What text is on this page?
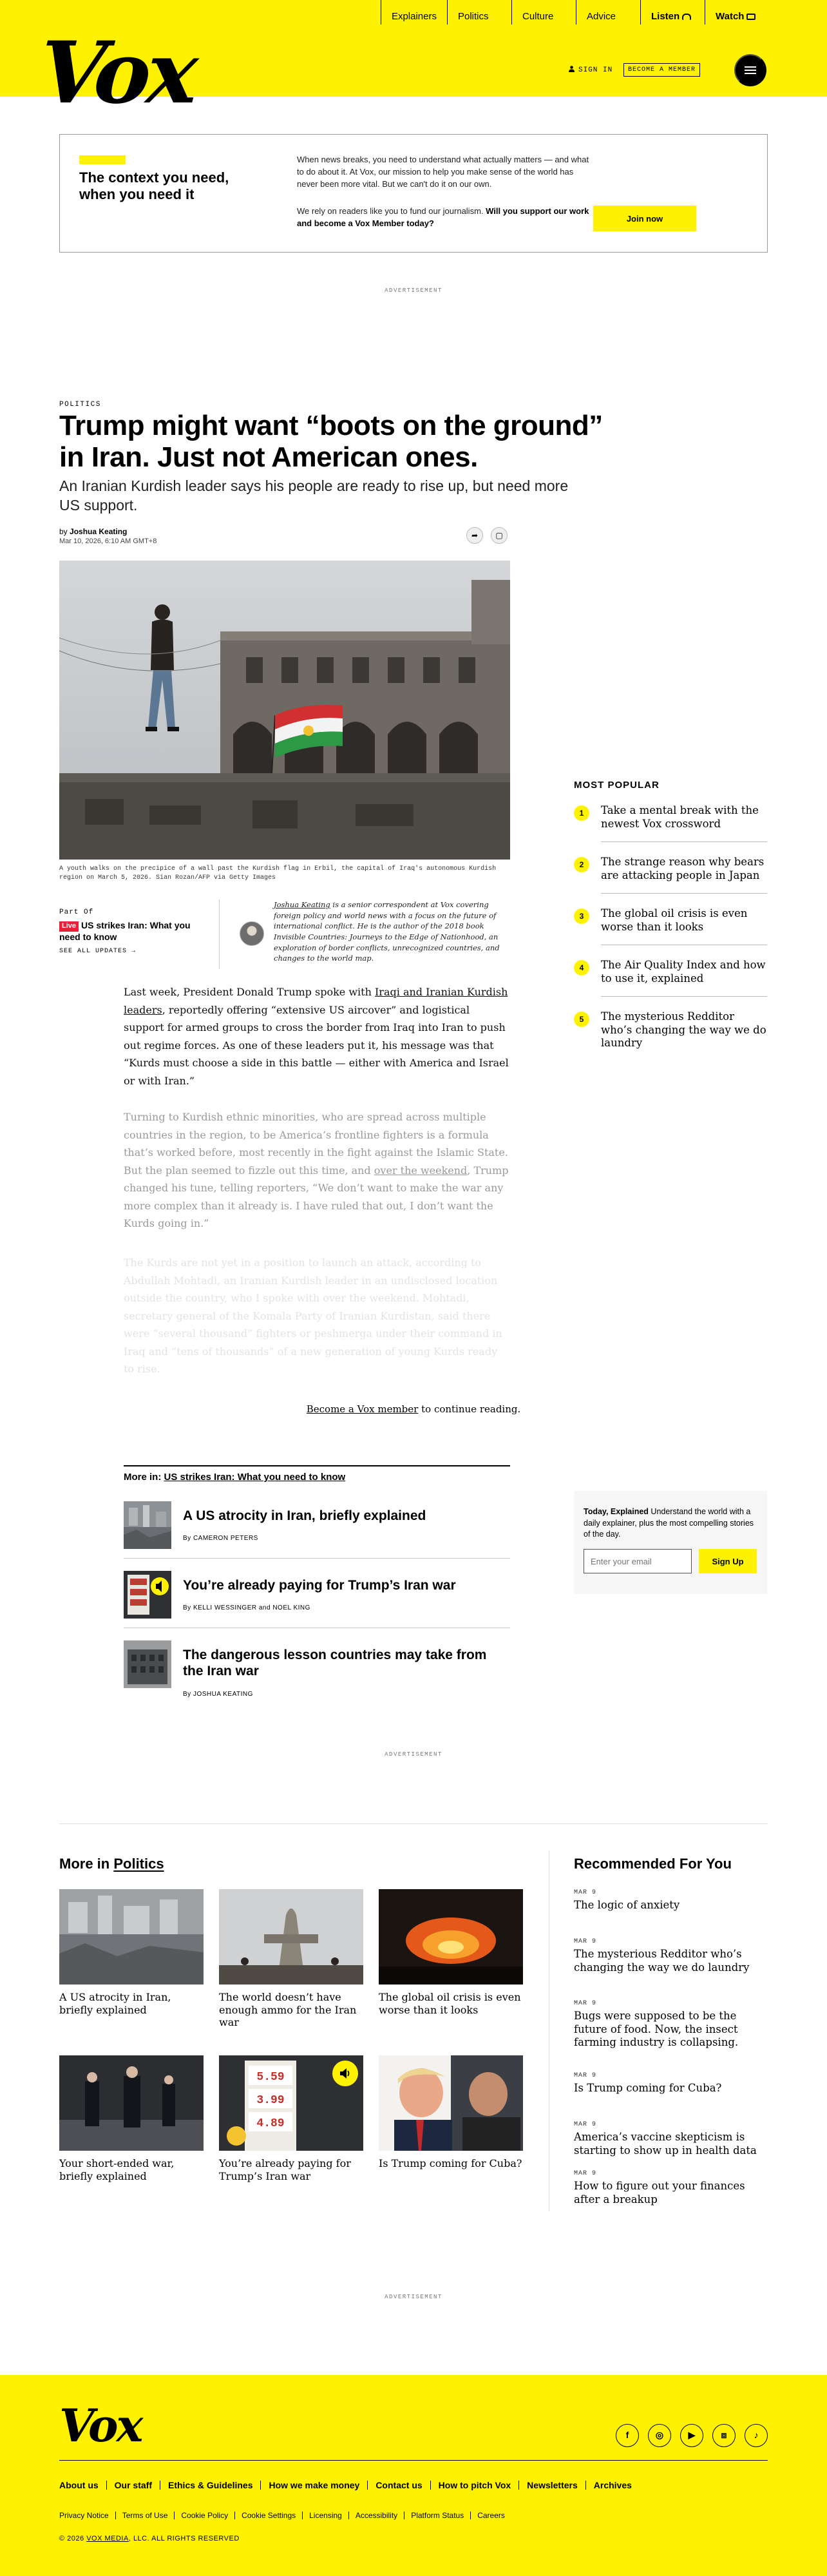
Explainers	Politics	Culture	Advice	Listen	Watch
Vox	SIGN IN	BECOME A MEMBER
The context you need, when you need it

When news breaks, you need to understand what actually matters — and what to do about it. At Vox, our mission to help you make sense of the world has never been more vital. But we can't do it on our own.

We rely on readers like you to fund our journalism. Will you support our work and become a Vox Member today?	Join now
ADVERTISEMENT
POLITICS
Trump might want “boots on the ground” in Iran. Just not American ones.

An Iranian Kurdish leader says his people are ready to rise up, but need more US support.

by Joshua Keating
Mar 10, 2026, 6:10 AM GMT+8
➦	▢

A youth walks on the precipice of a wall past the Kurdish flag in Erbil, the capital of Iraq's autonomous Kurdish region on March 5, 2026. Sian Rozan/AFP via Getty Images

Part Of
Live US strikes Iran: What you need to know
SEE ALL UPDATES →

Joshua Keating is a senior correspondent at Vox covering foreign policy and world news with a focus on the future of international conflict. He is the author of the 2018 book Invisible Countries: Journeys to the Edge of Nationhood, an exploration of border conflicts, unrecognized countries, and changes to the world map.

Last week, President Donald Trump spoke with Iraqi and Iranian Kurdish leaders, reportedly offering “extensive US aircover” and logistical support for armed groups to cross the border from Iraq into Iran to push out regime forces. As one of these leaders put it, his message was that “Kurds must choose a side in this battle — either with America and Israel or with Iran.”

Turning to Kurdish ethnic minorities, who are spread across multiple countries in the region, to be America’s frontline fighters is a formula that’s worked before, most recently in the fight against the Islamic State. But the plan seemed to fizzle out this time, and over the weekend, Trump changed his tune, telling reporters, “We don’t want to make the war any more complex than it already is. I have ruled that out, I don’t want the Kurds going in.”

The Kurds are not yet in a position to launch an attack, according to Abdullah Mohtadi, an Iranian Kurdish leader in an undisclosed location outside the country, who I spoke with over the weekend. Mohtadi, secretary general of the Komala Party of Iranian Kurdistan, said there were “several thousand” fighters or peshmerga under their command in Iraq and “tens of thousands” of a new generation of young Kurds ready to rise.

Become a Vox member to continue reading.

More in: US strikes Iran: What you need to know
A US atrocity in Iran, briefly explained
By CAMERON PETERS
You’re already paying for Trump’s Iran war
By KELLI WESSINGER and NOEL KING
The dangerous lesson countries may take from the Iran war
By JOSHUA KEATING
MOST POPULAR
1	Take a mental break with the newest Vox crossword
2	The strange reason why bears are attacking people in Japan
3	The global oil crisis is even worse than it looks
4	The Air Quality Index and how to use it, explained
5	The mysterious Redditor who’s changing the way we do laundry

Today, Explained Understand the world with a daily explainer, plus the most compelling stories of the day.

Enter your email
Sign Up
ADVERTISEMENT
More in Politics
A US atrocity in Iran, briefly explained
The world doesn’t have enough ammo for the Iran war
The global oil crisis is even worse than it looks
Your short-ended war, briefly explained
5.59
3.99
4.89
You’re already paying for Trump’s Iran war
Is Trump coming for Cuba?
Recommended For You
MAR 9
The logic of anxiety
MAR 9
The mysterious Redditor who’s changing the way we do laundry
MAR 9
Bugs were supposed to be the future of food. Now, the insect farming industry is collapsing.
MAR 9
Is Trump coming for Cuba?
MAR 9
America’s vaccine skepticism is starting to show up in health data
MAR 9
How to figure out your finances after a breakup
ADVERTISEMENT
Vox	f	◎	▶	⧈	♪
About us	Our staff	Ethics & Guidelines	How we make money	Contact us	How to pitch Vox	Newsletters	Archives
Privacy Notice	Terms of Use	Cookie Policy	Cookie Settings	Licensing	Accessibility	Platform Status	Careers
© 2026 VOX MEDIA, LLC. ALL RIGHTS RESERVED
